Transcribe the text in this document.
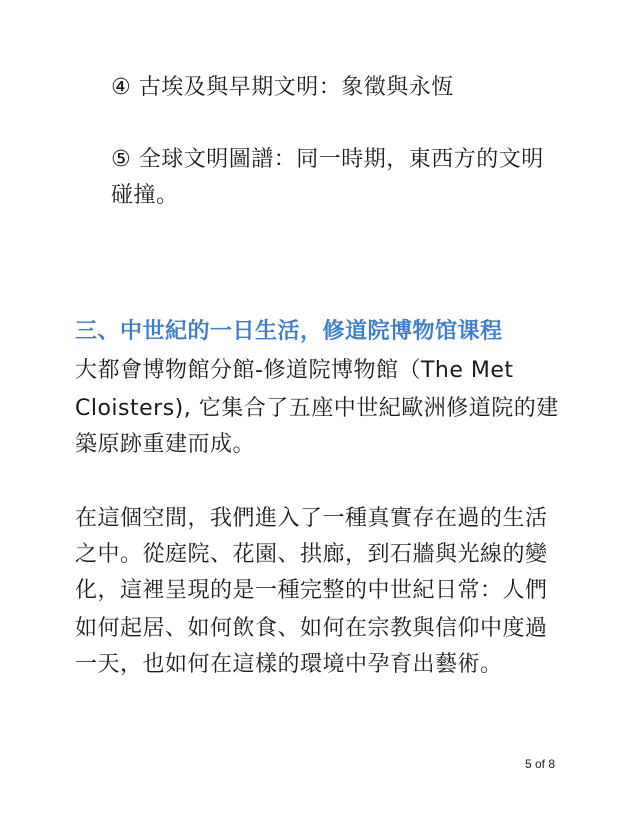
④ 古埃及與早期文明：象徵與永恆
⑤ 全球文明圖譜：同一時期，東西方的文明
碰撞。
三、中世紀的一日生活，修道院博物馆课程
大都會博物館分館-修道院博物館（The Met
Cloisters), 它集合了五座中世紀歐洲修道院的建
築原跡重建而成。
在這個空間，我們進入了一種真實存在過的生活
之中。從庭院、花園、拱廊，到石牆與光線的變
化，這裡呈現的是一種完整的中世紀日常：人們
如何起居、如何飲食、如何在宗教與信仰中度過
一天，也如何在這樣的環境中孕育出藝術。
5 of 8
